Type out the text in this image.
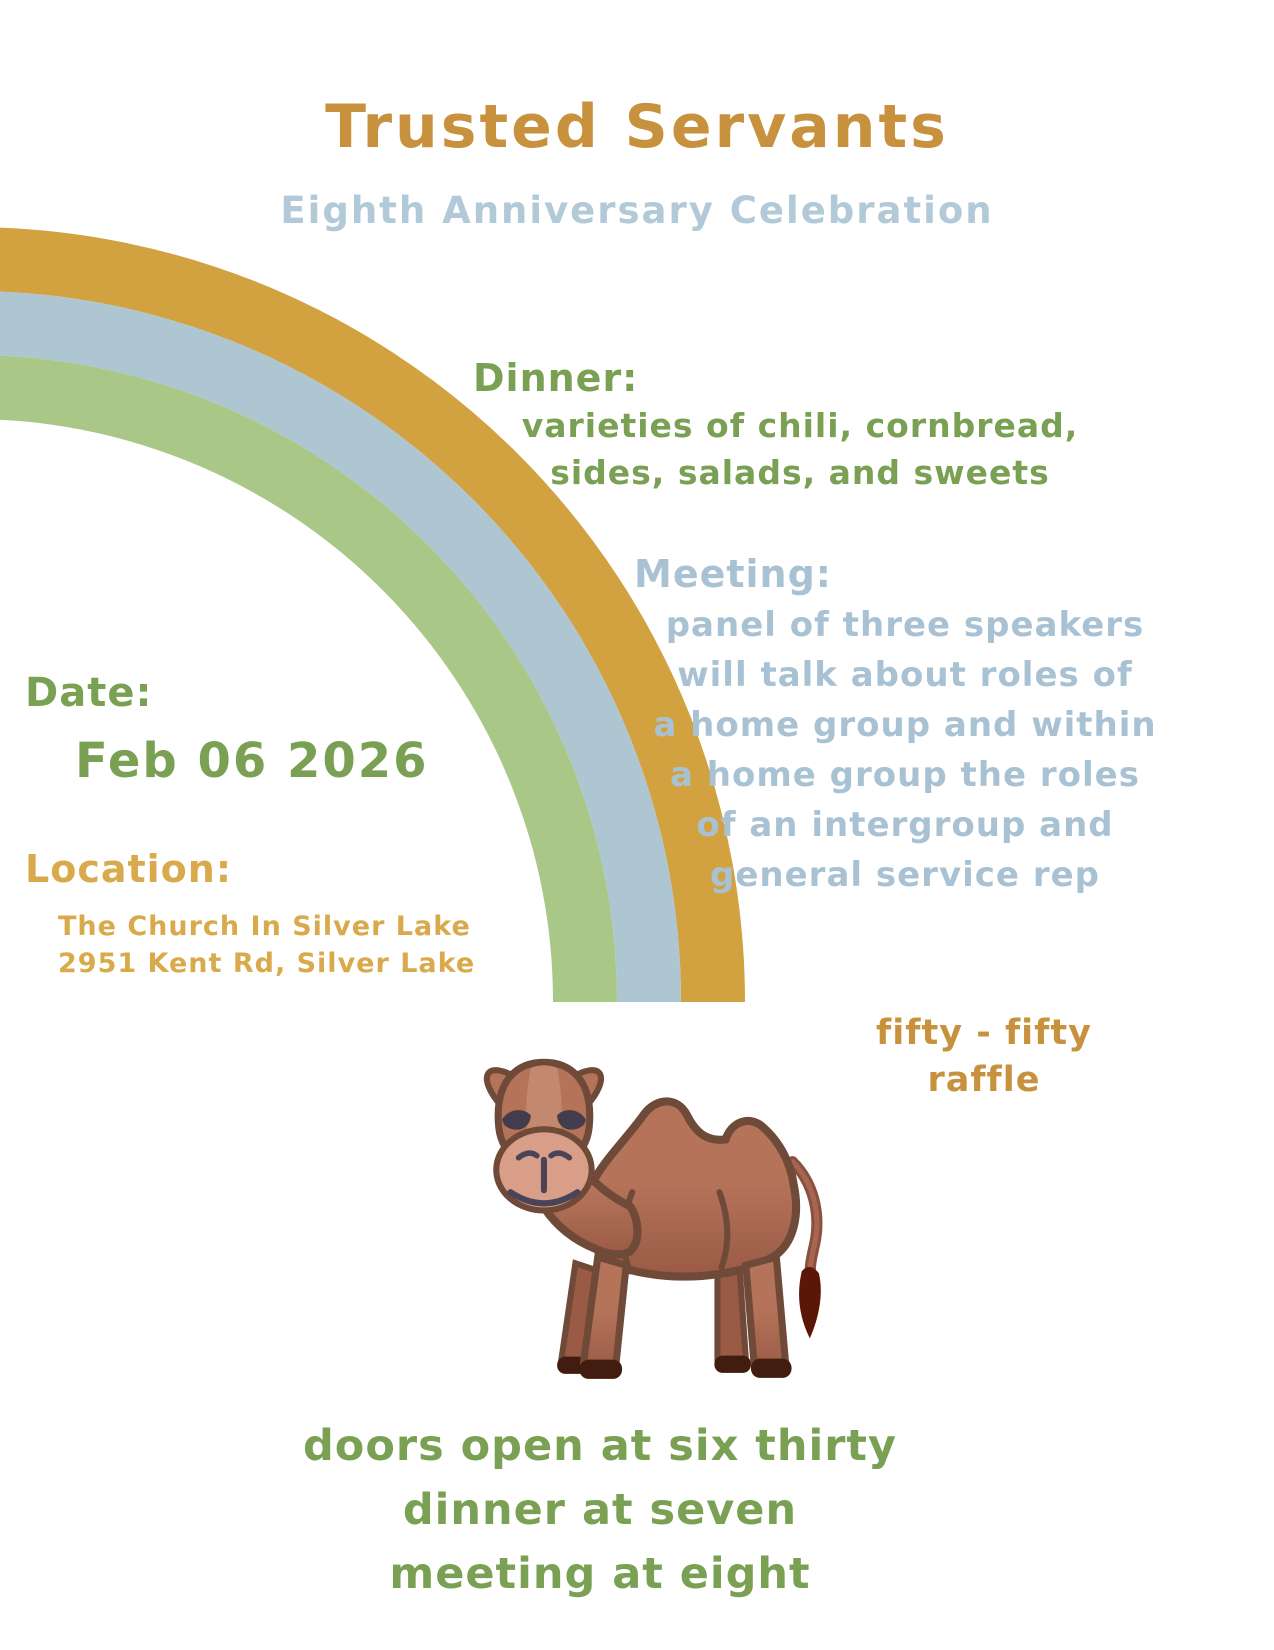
Trusted Servants
Eighth Anniversary Celebration
Dinner:
varieties of chili, cornbread,
sides, salads, and sweets
Meeting:
panel of three speakers
will talk about roles of
a home group and within
a home group the roles
of an intergroup and
general service rep
Date:
Feb 06 2026
Location:
The Church In Silver Lake
2951 Kent Rd, Silver Lake
fifty - fifty
raffle
doors open at six thirty
dinner at seven
meeting at eight
